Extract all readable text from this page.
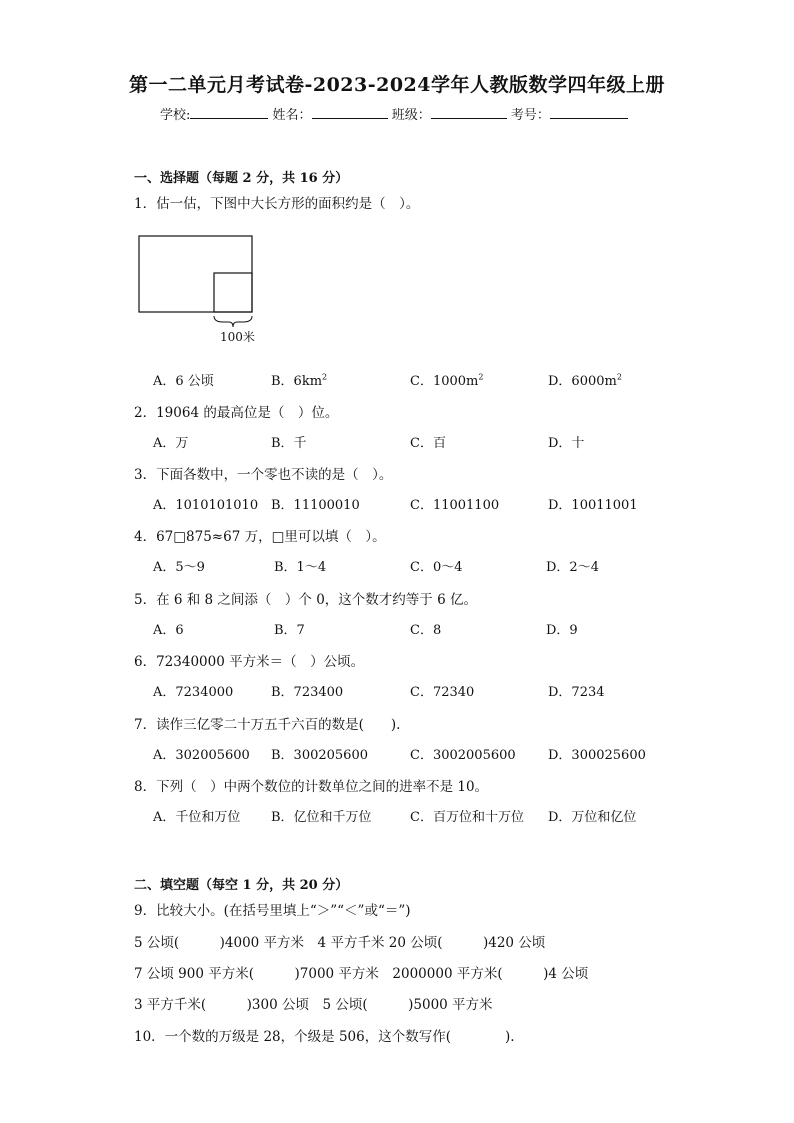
第一二单元月考试卷-2023-2024学年人教版数学四年级上册
学校:	姓名：	班级：	考号：
一、选择题（每题 2 分，共 16 分）
1．估一估，下图中大长方形的面积约是（　）。
100米
A．6 公顷	B．$6km^2$	C．$1000m^2$	D．$6000m^2$
2．19064 的最高位是（　）位。
A．万	B．千	C．百	D．十
3．下面各数中，一个零也不读的是（　）。
A．1010101010 B．11100010	C．11001100	D．10011001
4．67□875≈67 万，□里可以填（　）。
A．5～9	B．1～4	C．0～4	D．2～4
5．在 6 和 8 之间添（　）个 0，这个数才约等于 6 亿。
A．6	B．7	C．8	D．9
6．72340000 平方米＝（　）公顷。
A．7234000	B．723400	C．72340	D．7234
7．读作三亿零二十万五千六百的数是(　　).
A．302005600 B．300205600	C．3002005600 D．300025600
8．下列（　）中两个数位的计数单位之间的进率不是 10。
A．千位和万位 B．亿位和千万位	C．百万位和十万位 D．万位和亿位
二、填空题（每空 1 分，共 20 分）
9．比较大小。(在括号里填上“＞”“＜”或“＝”)
5 公顷(　　　)4000 平方米　4 平方千米 20 公顷(　　　)420 公顷
7 公顷 900 平方米(　　　)7000 平方米　2000000 平方米(　　　)4 公顷
3 平方千米(　　　)300 公顷　5 公顷(　　　)5000 平方米
10．一个数的万级是 28，个级是 506，这个数写作(　　　　).
